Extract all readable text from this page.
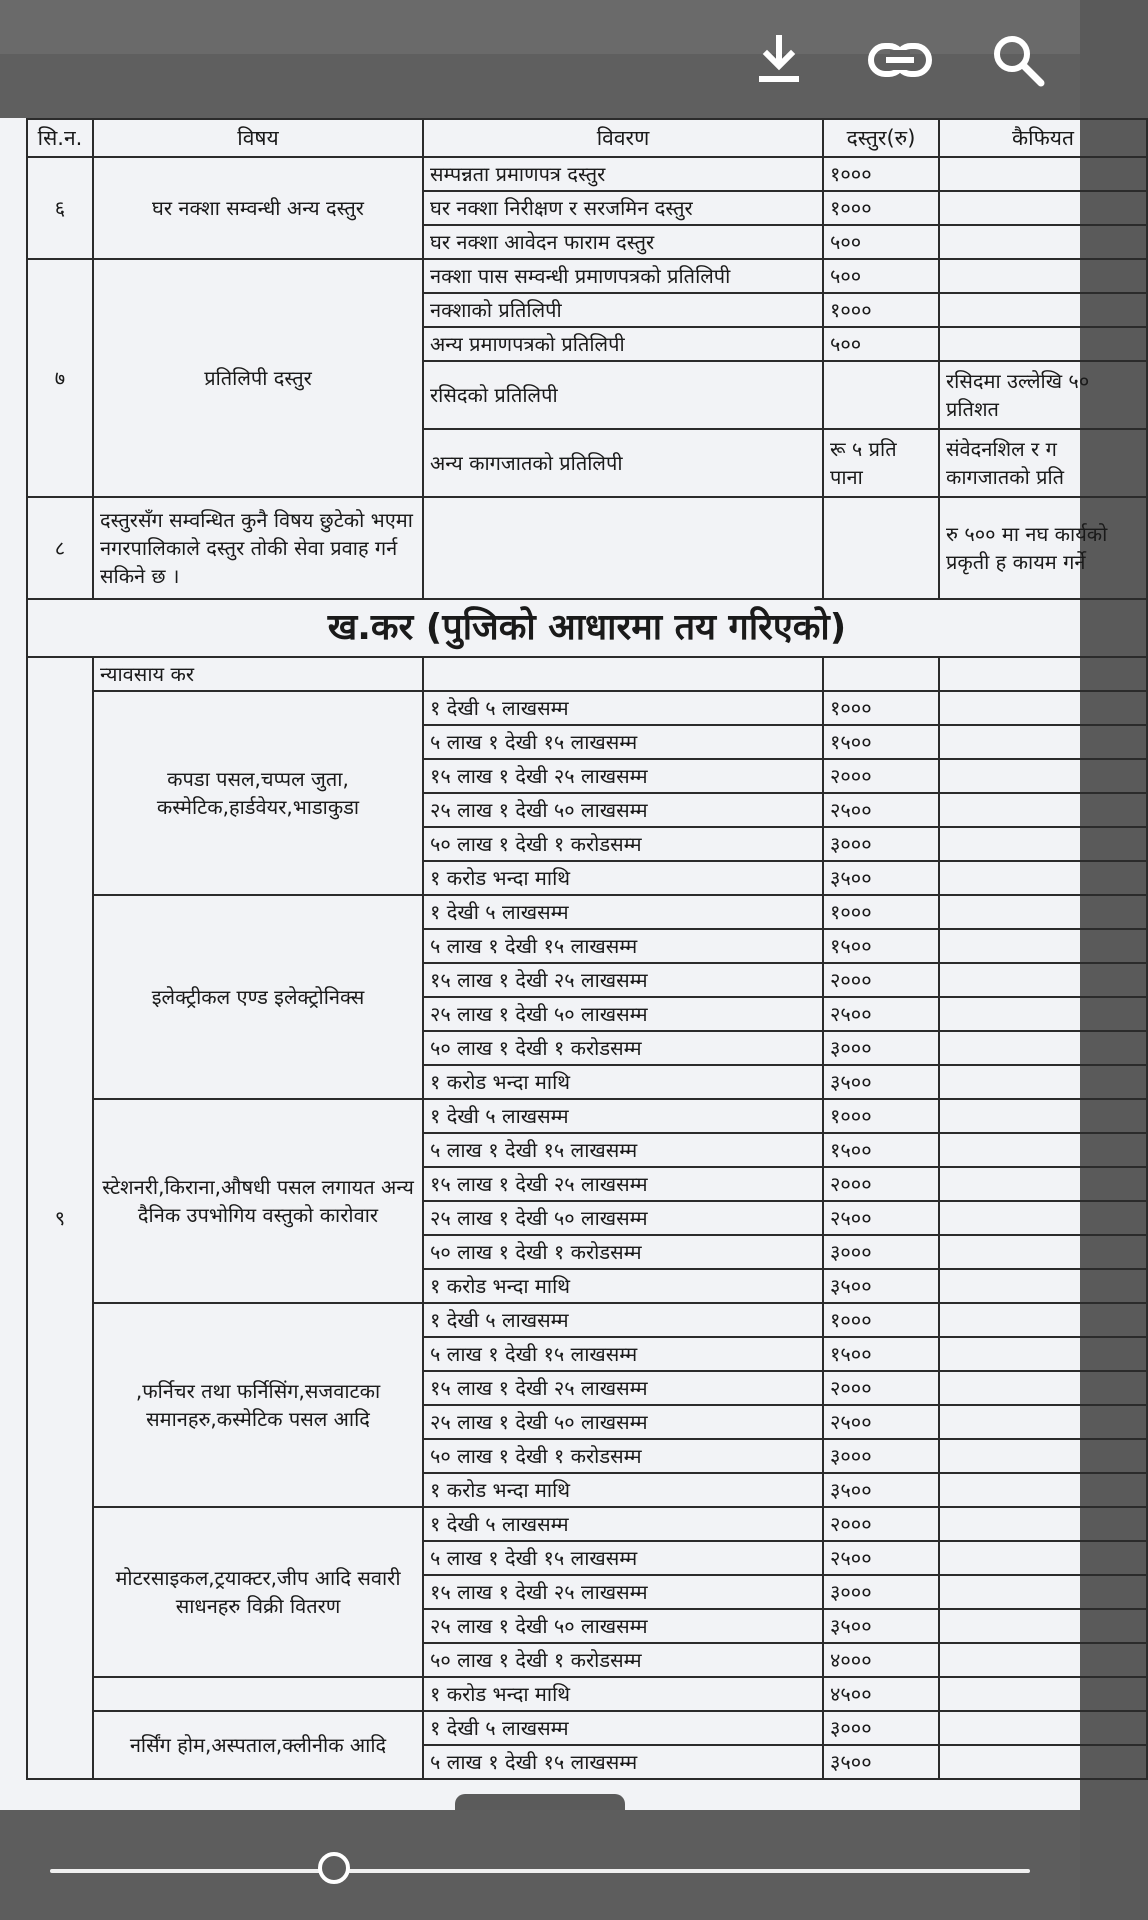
सि.न.	विषय	विवरण	दस्तुर(रु)	कैफियत
६	घर नक्शा सम्वन्धी अन्य दस्तुर	सम्पन्नता प्रमाणपत्र दस्तुर	१०००	
		घर नक्शा निरीक्षण र सरजमिन दस्तुर	१०००	
		घर नक्शा आवेदन फाराम दस्तुर	५००	
७	प्रतिलिपी दस्तुर	नक्शा पास सम्वन्धी प्रमाणपत्रको प्रतिलिपी	५००	
		नक्शाको प्रतिलिपी	१०००	
		अन्य प्रमाणपत्रको प्रतिलिपी	५००	
		रसिदको प्रतिलिपी		रसिदमा उल्लेखि ५० प्रतिशत
		अन्य कागजातको प्रतिलिपी	रू ५ प्रति पाना	संवेदनशिल र ग कागजातको प्रति
८	दस्तुरसँग सम्वन्धित कुनै विषय छुटेको भएमा नगरपालिकाले दस्तुर तोकी सेवा प्रवाह गर्न सकिने छ ।			रु ५०० मा नघ कार्यको प्रकृती ह कायम गर्ने
ख.कर (पुजिको आधारमा तय गरिएको)				
९	न्यावसाय कर			
	कपडा पसल,चप्पल जुता, कस्मेटिक,हार्डवेयर,भाडाकुडा	१ देखी ५ लाखसम्म	१०००	
		५ लाख १ देखी १५ लाखसम्म	१५००	
		१५ लाख १ देखी २५ लाखसम्म	२०००	
		२५ लाख १ देखी ५० लाखसम्म	२५००	
		५० लाख १ देखी १ करोडसम्म	३०००	
		१ करोड भन्दा माथि	३५००	
	इलेक्ट्रीकल एण्ड इलेक्ट्रोनिक्स	१ देखी ५ लाखसम्म	१०००	
		५ लाख १ देखी १५ लाखसम्म	१५००	
		१५ लाख १ देखी २५ लाखसम्म	२०००	
		२५ लाख १ देखी ५० लाखसम्म	२५००	
		५० लाख १ देखी १ करोडसम्म	३०००	
		१ करोड भन्दा माथि	३५००	
	स्टेशनरी,किराना,औषधी पसल लगायत अन्य दैनिक उपभोगिय वस्तुको कारोवार	१ देखी ५ लाखसम्म	१०००	
		५ लाख १ देखी १५ लाखसम्म	१५००	
		१५ लाख १ देखी २५ लाखसम्म	२०००	
		२५ लाख १ देखी ५० लाखसम्म	२५००	
		५० लाख १ देखी १ करोडसम्म	३०००	
		१ करोड भन्दा माथि	३५००	
	,फर्निचर तथा फर्निसिंग,सजवाटका समानहरु,कस्मेटिक पसल आदि	१ देखी ५ लाखसम्म	१०००	
		५ लाख १ देखी १५ लाखसम्म	१५००	
		१५ लाख १ देखी २५ लाखसम्म	२०००	
		२५ लाख १ देखी ५० लाखसम्म	२५००	
		५० लाख १ देखी १ करोडसम्म	३०००	
		१ करोड भन्दा माथि	३५००	
	मोटरसाइकल,ट्रयाक्टर,जीप आदि सवारी साधनहरु विक्री वितरण	१ देखी ५ लाखसम्म	२०००	
		५ लाख १ देखी १५ लाखसम्म	२५००	
		१५ लाख १ देखी २५ लाखसम्म	३०००	
		२५ लाख १ देखी ५० लाखसम्म	३५००	
		५० लाख १ देखी १ करोडसम्म	४०००	
		१ करोड भन्दा माथि	४५००	
	नर्सिंग होम,अस्पताल,क्लीनीक आदि	१ देखी ५ लाखसम्म	३०००	
		५ लाख १ देखी १५ लाखसम्म	३५००	
